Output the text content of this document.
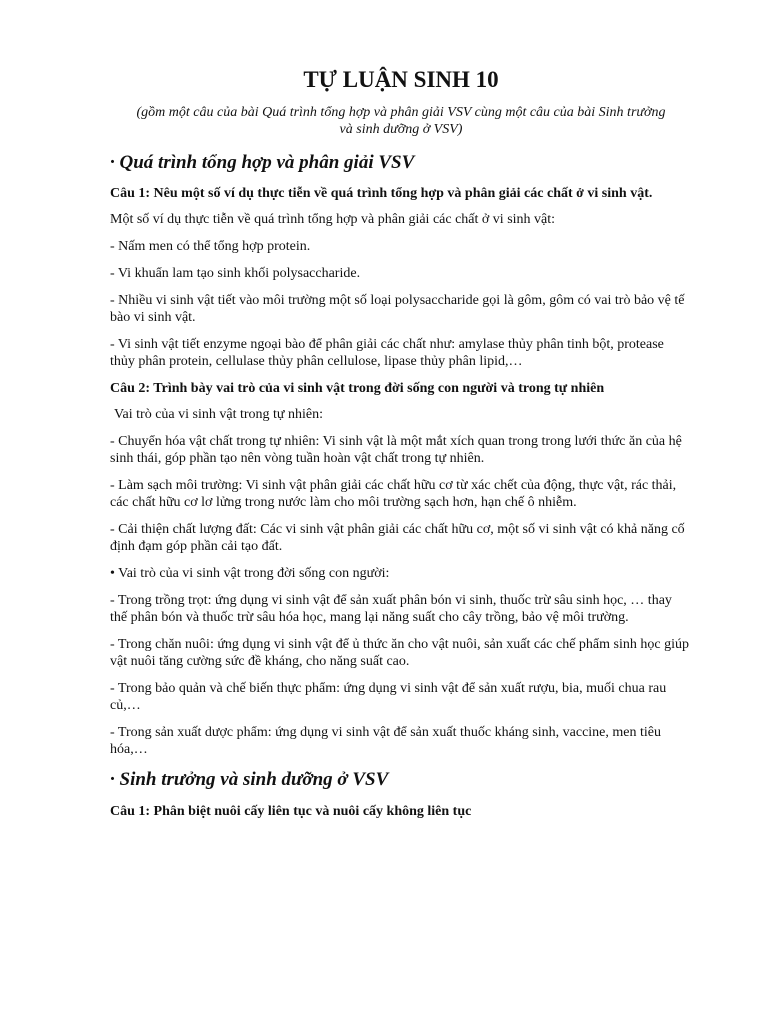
TỰ LUẬN SINH 10
(gồm một câu của bài Quá trình tổng hợp và phân giải VSV cùng một câu của bài Sinh trưởng và sinh dưỡng ở VSV)
· Quá trình tổng hợp và phân giải VSV
Câu 1: Nêu một số ví dụ thực tiễn về quá trình tổng hợp và phân giải các chất ở vi sinh vật.
Một số ví dụ thực tiễn về quá trình tổng hợp và phân giải các chất ở vi sinh vật:
- Nấm men có thể tổng hợp protein.
- Vi khuẩn lam tạo sinh khối polysaccharide.
- Nhiều vi sinh vật tiết vào môi trường một số loại polysaccharide gọi là gôm, gôm có vai trò bảo vệ tế bào vi sinh vật.
- Vi sinh vật tiết enzyme ngoại bào để phân giải các chất như: amylase thủy phân tinh bột, protease thủy phân protein, cellulase thủy phân cellulose, lipase thủy phân lipid,…
Câu 2: Trình bày vai trò của vi sinh vật trong đời sống con người và trong tự nhiên
Vai trò của vi sinh vật trong tự nhiên:
- Chuyển hóa vật chất trong tự nhiên: Vi sinh vật là một mắt xích quan trong trong lưới thức ăn của hệ sinh thái, góp phần tạo nên vòng tuần hoàn vật chất trong tự nhiên.
- Làm sạch môi trường: Vi sinh vật phân giải các chất hữu cơ từ xác chết của động, thực vật, rác thải, các chất hữu cơ lơ lửng trong nước làm cho môi trường sạch hơn, hạn chế ô nhiễm.
- Cải thiện chất lượng đất: Các vi sinh vật phân giải các chất hữu cơ, một số vi sinh vật có khả năng cố định đạm góp phần cải tạo đất.
• Vai trò của vi sinh vật trong đời sống con người:
- Trong trồng trọt: ứng dụng vi sinh vật để sản xuất phân bón vi sinh, thuốc trừ sâu sinh học, … thay thế phân bón và thuốc trừ sâu hóa học, mang lại năng suất cho cây trồng, bảo vệ môi trường.
- Trong chăn nuôi: ứng dụng vi sinh vật để ủ thức ăn cho vật nuôi, sản xuất các chế phẩm sinh học giúp vật nuôi tăng cường sức đề kháng, cho năng suất cao.
- Trong bảo quản và chế biến thực phẩm: ứng dụng vi sinh vật để sản xuất rượu, bia, muối chua rau củ,…
- Trong sản xuất dược phẩm: ứng dụng vi sinh vật để sản xuất thuốc kháng sinh, vaccine, men tiêu hóa,…
· Sinh trưởng và sinh dưỡng ở VSV
Câu 1: Phân biệt nuôi cấy liên tục và nuôi cấy không liên tục
